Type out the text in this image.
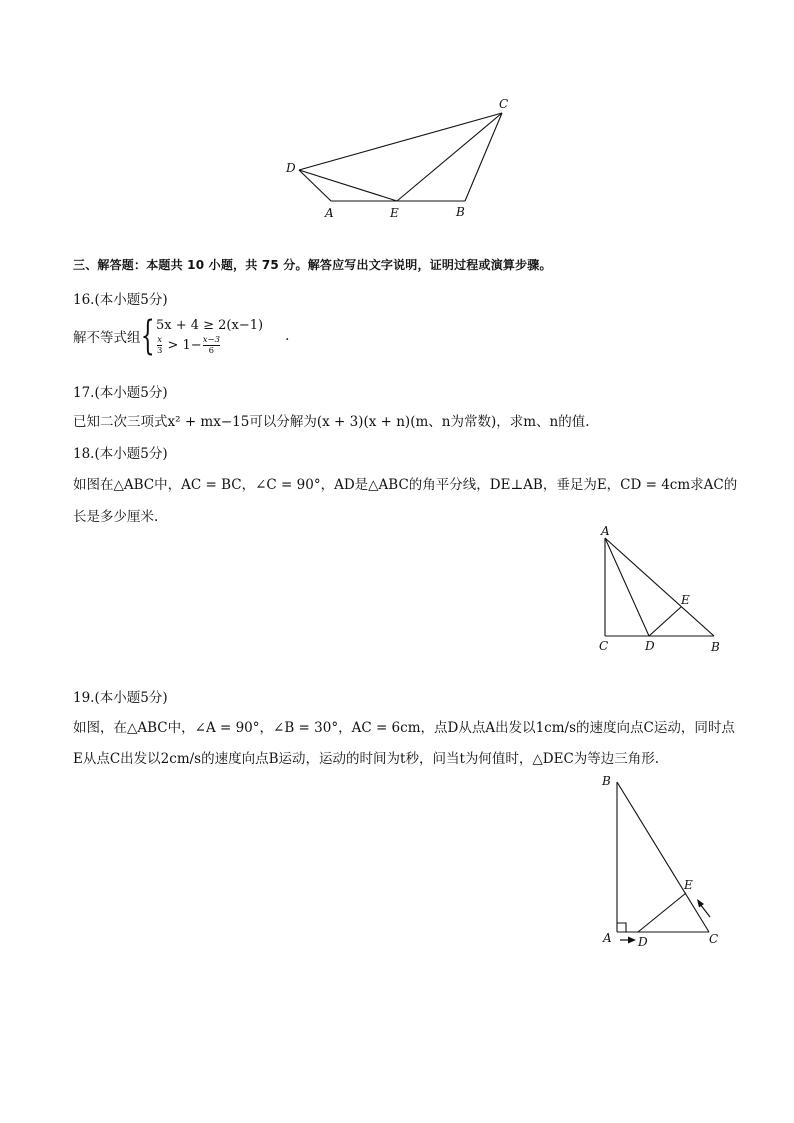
C
D
A	E	B
三、解答题：本题共 10 小题，共 75 分。解答应写出文字说明，证明过程或演算步骤。
16.(本小题5分)
解不等式组{ 5x + 4 ≥ 2(x−1)
$\frac{x}{3} > 1- \frac{x-3}{6}$	.
17.(本小题5分)
已知二次三项式x² + mx−15可以分解为(x + 3)(x + n)(m、n为常数)，求m、n的值.
18.(本小题5分)
如图在△ABC中，AC = BC，∠C = 90°，AD是△ABC的角平分线，DE⊥AB，垂足为E，CD = 4cm求AC的
长是多少厘米.
A
E
C	D	B
19.(本小题5分)
如图，在△ABC中，∠A = 90°，∠B = 30°，AC = 6cm，点D从点A出发以1cm/s的速度向点C运动，同时点
E从点C出发以2cm/s的速度向点B运动，运动的时间为t秒，问当t为何值时，△DEC为等边三角形.
B
E
A D	C
